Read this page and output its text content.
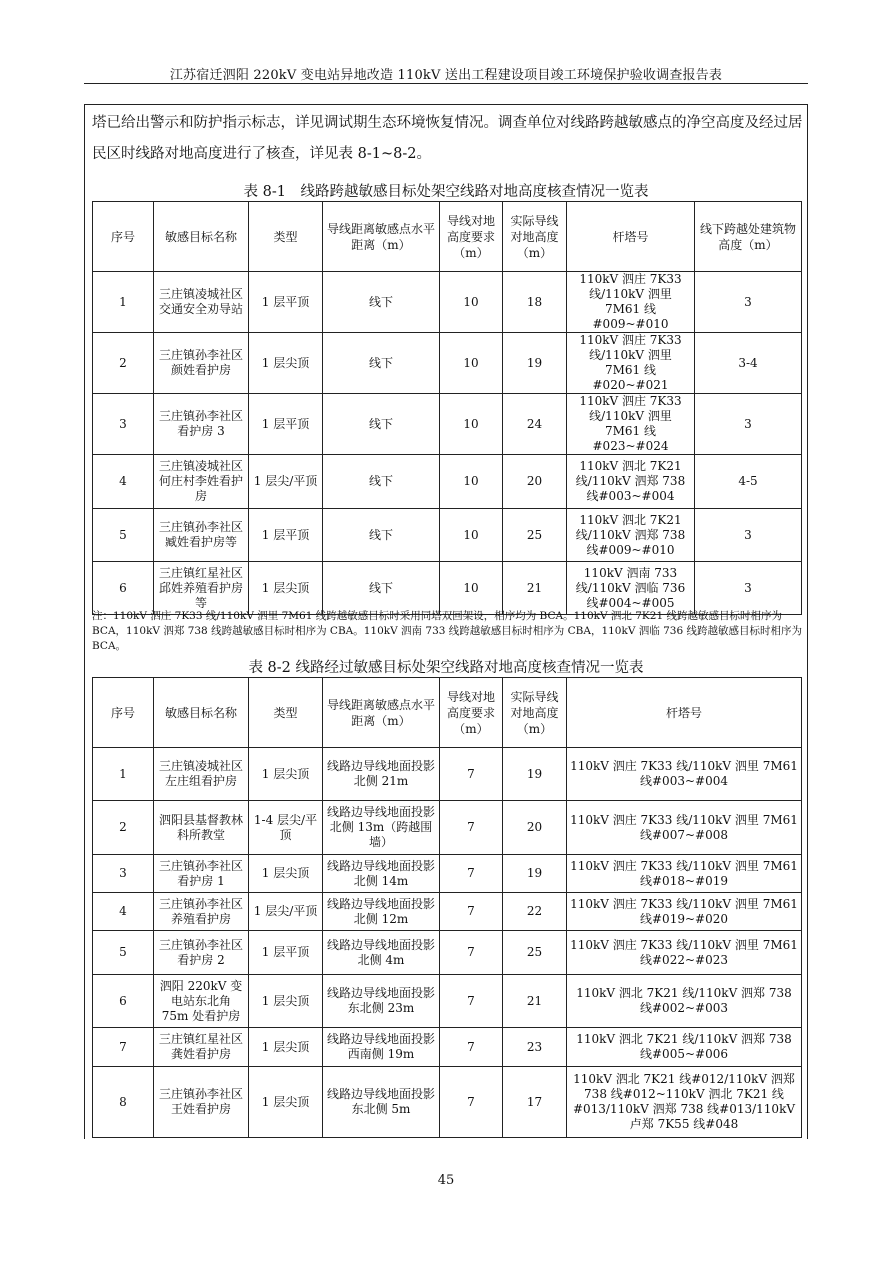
江苏宿迁泗阳 220kV 变电站异地改造 110kV 送出工程建设项目竣工环境保护验收调查报告表
塔已给出警示和防护指示标志，详见调试期生态环境恢复情况。调查单位对线路跨越敏感点的净空高度及经过居民区时线路对地高度进行了核查，详见表 8-1~8-2。
表 8-1　线路跨越敏感目标处架空线路对地高度核查情况一览表
序号	敏感目标名称	类型	导线距离敏感点水平距离（m）	导线对地高度要求（m）	实际导线对地高度（m）	杆塔号	线下跨越处建筑物高度（m）
1	三庄镇凌城社区交通安全劝导站	1 层平顶	线下	10	18	110kV 泗庄 7K33 线/110kV 泗里 7M61 线#009~#010	3
2	三庄镇孙李社区颜姓看护房	1 层尖顶	线下	10	19	110kV 泗庄 7K33 线/110kV 泗里 7M61 线#020~#021	3-4
3	三庄镇孙李社区看护房 3	1 层平顶	线下	10	24	110kV 泗庄 7K33 线/110kV 泗里 7M61 线#023~#024	3
4	三庄镇凌城社区何庄村李姓看护房	1 层尖/平顶	线下	10	20	110kV 泗北 7K21 线/110kV 泗郑 738 线#003~#004	4-5
5	三庄镇孙李社区臧姓看护房等	1 层平顶	线下	10	25	110kV 泗北 7K21 线/110kV 泗郑 738 线#009~#010	3
6	三庄镇红星社区邱姓养殖看护房等	1 层尖顶	线下	10	21	110kV 泗南 733 线/110kV 泗临 736 线#004~#005	3
注：110kV 泗庄 7K33 线/110kV 泗里 7M61 线跨越敏感目标时采用同塔双回架设，相序均为 BCA。110kV 泗北 7K21 线跨越敏感目标时相序为 BCA，110kV 泗郑 738 线跨越敏感目标时相序为 CBA。110kV 泗南 733 线跨越敏感目标时相序为 CBA，110kV 泗临 736 线跨越敏感目标时相序为 BCA。
表 8-2 线路经过敏感目标处架空线路对地高度核查情况一览表
序号	敏感目标名称	类型	导线距离敏感点水平距离（m）	导线对地高度要求（m）	实际导线对地高度（m）	杆塔号
1	三庄镇凌城社区左庄组看护房	1 层尖顶	线路边导线地面投影北侧 21m	7	19	110kV 泗庄 7K33 线/110kV 泗里 7M61 线#003~#004
2	泗阳县基督教林科所教堂	1-4 层尖/平顶	线路边导线地面投影北侧 13m（跨越围墙）	7	20	110kV 泗庄 7K33 线/110kV 泗里 7M61 线#007~#008
3	三庄镇孙李社区看护房 1	1 层尖顶	线路边导线地面投影北侧 14m	7	19	110kV 泗庄 7K33 线/110kV 泗里 7M61 线#018~#019
4	三庄镇孙李社区养殖看护房	1 层尖/平顶	线路边导线地面投影北侧 12m	7	22	110kV 泗庄 7K33 线/110kV 泗里 7M61 线#019~#020
5	三庄镇孙李社区看护房 2	1 层平顶	线路边导线地面投影北侧 4m	7	25	110kV 泗庄 7K33 线/110kV 泗里 7M61 线#022~#023
6	泗阳 220kV 变电站东北角 75m 处看护房	1 层尖顶	线路边导线地面投影东北侧 23m	7	21	110kV 泗北 7K21 线/110kV 泗郑 738 线#002~#003
7	三庄镇红星社区龚姓看护房	1 层尖顶	线路边导线地面投影西南侧 19m	7	23	110kV 泗北 7K21 线/110kV 泗郑 738 线#005~#006
8	三庄镇孙李社区王姓看护房	1 层尖顶	线路边导线地面投影东北侧 5m	7	17	110kV 泗北 7K21 线#012/110kV 泗郑 738 线#012~110kV 泗北 7K21 线#013/110kV 泗郑 738 线#013/110kV 卢郑 7K55 线#048
45
